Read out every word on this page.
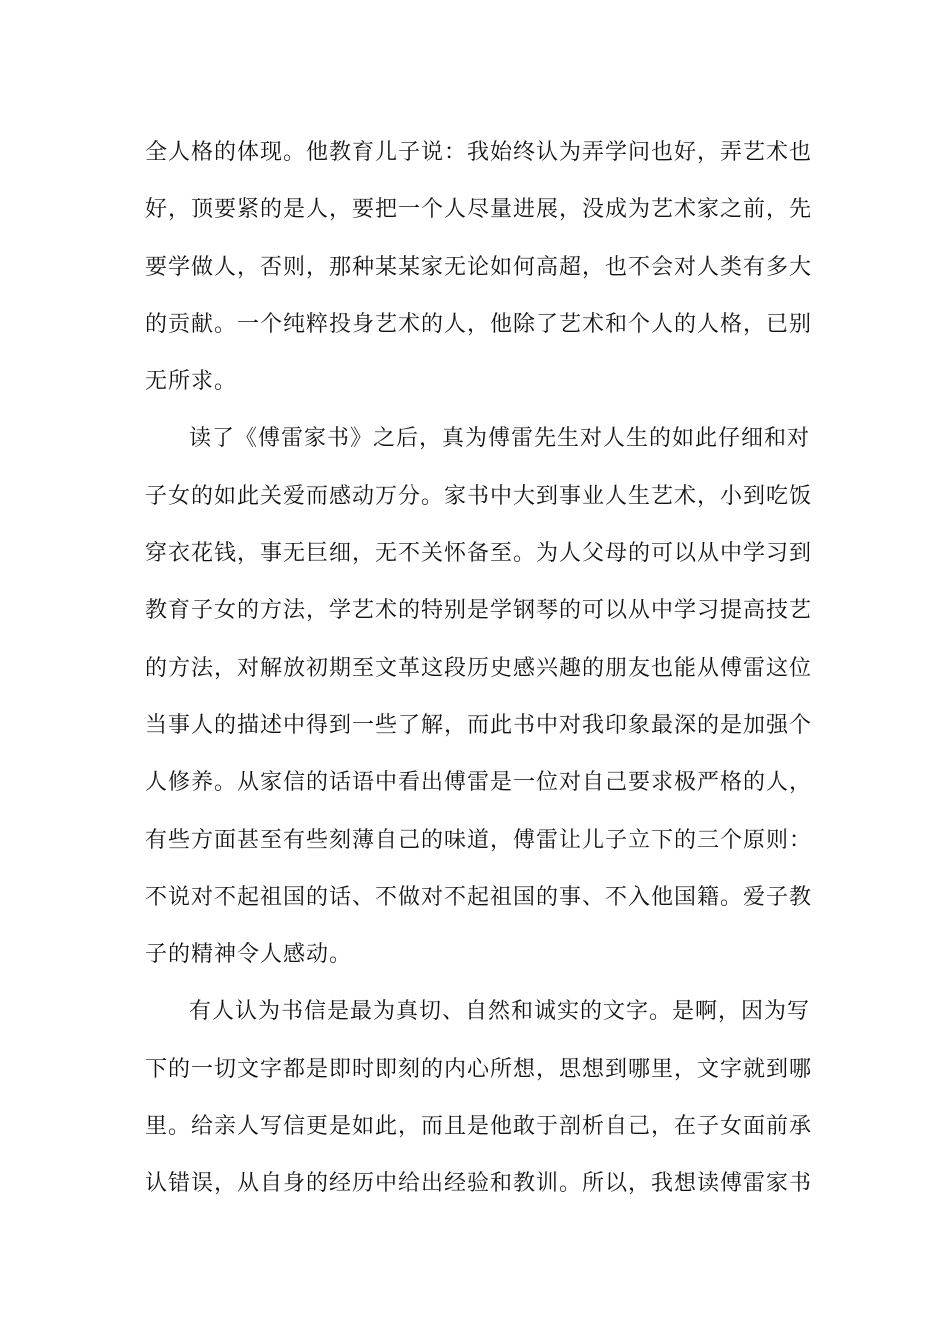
全人格的体现。他教育儿子说：我始终认为弄学问也好，弄艺术也
好，顶要紧的是人，要把一个人尽量进展，没成为艺术家之前，先
要学做人，否则，那种某某家无论如何高超，也不会对人类有多大
的贡献。一个纯粹投身艺术的人，他除了艺术和个人的人格，已别
无所求。
读了《傅雷家书》之后，真为傅雷先生对人生的如此仔细和对
子女的如此关爱而感动万分。家书中大到事业人生艺术，小到吃饭
穿衣花钱，事无巨细，无不关怀备至。为人父母的可以从中学习到
教育子女的方法，学艺术的特别是学钢琴的可以从中学习提高技艺
的方法，对解放初期至文革这段历史感兴趣的朋友也能从傅雷这位
当事人的描述中得到一些了解，而此书中对我印象最深的是加强个
人修养。从家信的话语中看出傅雷是一位对自己要求极严格的人，
有些方面甚至有些刻薄自己的味道，傅雷让儿子立下的三个原则：
不说对不起祖国的话、不做对不起祖国的事、不入他国籍。爱子教
子的精神令人感动。
有人认为书信是最为真切、自然和诚实的文字。是啊，因为写
下的一切文字都是即时即刻的内心所想，思想到哪里，文字就到哪
里。给亲人写信更是如此，而且是他敢于剖析自己，在子女面前承
认错误，从自身的经历中给出经验和教训。所以，我想读傅雷家书
